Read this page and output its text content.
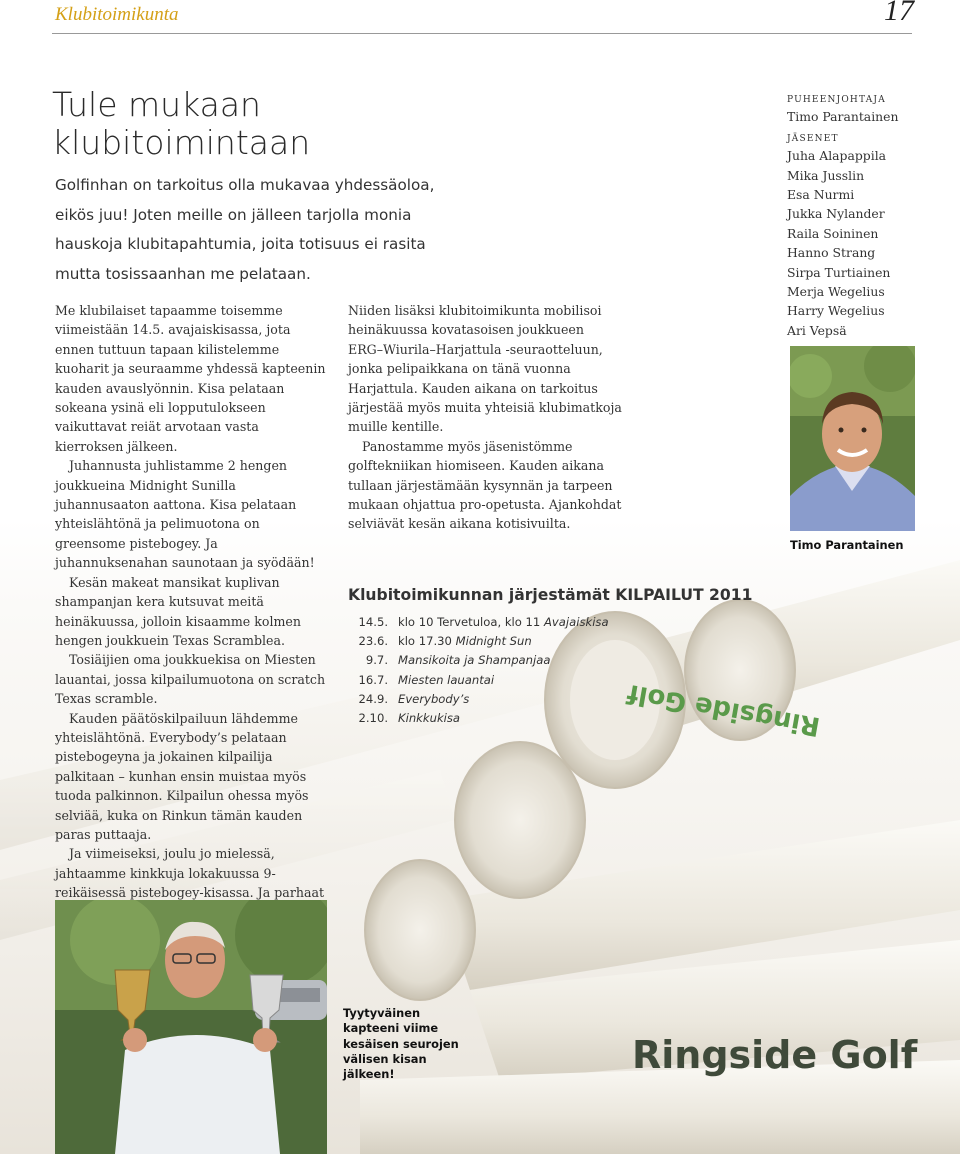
Ringside Golf
Ringside Golf
Klubitoimikunta	17
Tule mukaan
klubitoimintaan

Golfinhan on tarkoitus olla mukavaa yhdessäoloa, eikös juu! Joten meille on jälleen tarjolla monia hauskoja klubitapahtumia, joita totisuus ei rasita mutta tosissaanhan me pelataan.

Me klubilaiset tapaamme toisemme viimeistään 14.5. avajaiskisassa, jota ennen tuttuun tapaan kilistelemme kuoharit ja seuraamme yhdessä kapteenin kauden avauslyönnin. Kisa pelataan sokeana ysinä eli lopputulokseen vaikuttavat reiät arvotaan vasta kierroksen jälkeen.

Juhannusta juhlistamme 2 hengen joukkueina Midnight Sunilla juhannusaaton aattona. Kisa pelataan yhteislähtönä ja pelimuotona on greensome pistebogey. Ja juhannuksenahan saunotaan ja syödään!

Kesän makeat mansikat kuplivan shampanjan kera kutsuvat meitä heinäkuussa, jolloin kisaamme kolmen hengen joukkuein Texas Scramblea.

Tosiäijien oma joukkuekisa on Miesten lauantai, jossa kilpailumuotona on scratch Texas scramble.

Kauden päätöskilpailuun lähdemme yhteislähtönä. Everybody’s pelataan pistebogeyna ja jokainen kilpailija palkitaan – kunhan ensin muistaa myös tuoda palkinnon. Kilpailun ohessa myös selviää, kuka on Rinkun tämän kauden paras puttaaja.

Ja viimeiseksi, joulu jo mielessä, jahtaamme kinkkuja lokakuussa 9-reikäisessä pistebogey-kisassa. Ja parhaat

Niiden lisäksi klubitoimikunta mobilisoi heinäkuussa kovatasoisen joukkueen ERG–Wiurila–Harjattula -seuraotteluun, jonka pelipaikkana on tänä vuonna Harjattula. Kauden aikana on tarkoitus järjestää myös muita yhteisiä klubimatkoja muille kentille.

Panostamme myös jäsenistömme golftekniikan hiomiseen. Kauden aikana tullaan järjestämään kysynnän ja tarpeen mukaan ohjattua pro-opetusta. Ajankohdat selviävät kesän aikana kotisivuilta.

Klubitoimikunnan järjestämät KILPAILUT 2011
14.5. klo 10 Tervetuloa, klo 11 Avajaiskisa
23.6. klo 17.30 Midnight Sun
9.7. Mansikoita ja Shampanjaa
16.7. Miesten lauantai
24.9. Everybody’s
2.10. Kinkkukisa
puheenjohtaja
Timo Parantainen
jäsenet
Juha Alapappila
Mika Jusslin
Esa Nurmi
Jukka Nylander
Raila Soininen
Hanno Strang
Sirpa Turtiainen
Merja Wegelius
Harry Wegelius
Ari Vepsä
Timo Parantainen
Tyytyväinen kapteeni viime kesäisen seurojen välisen kisan jälkeen!
